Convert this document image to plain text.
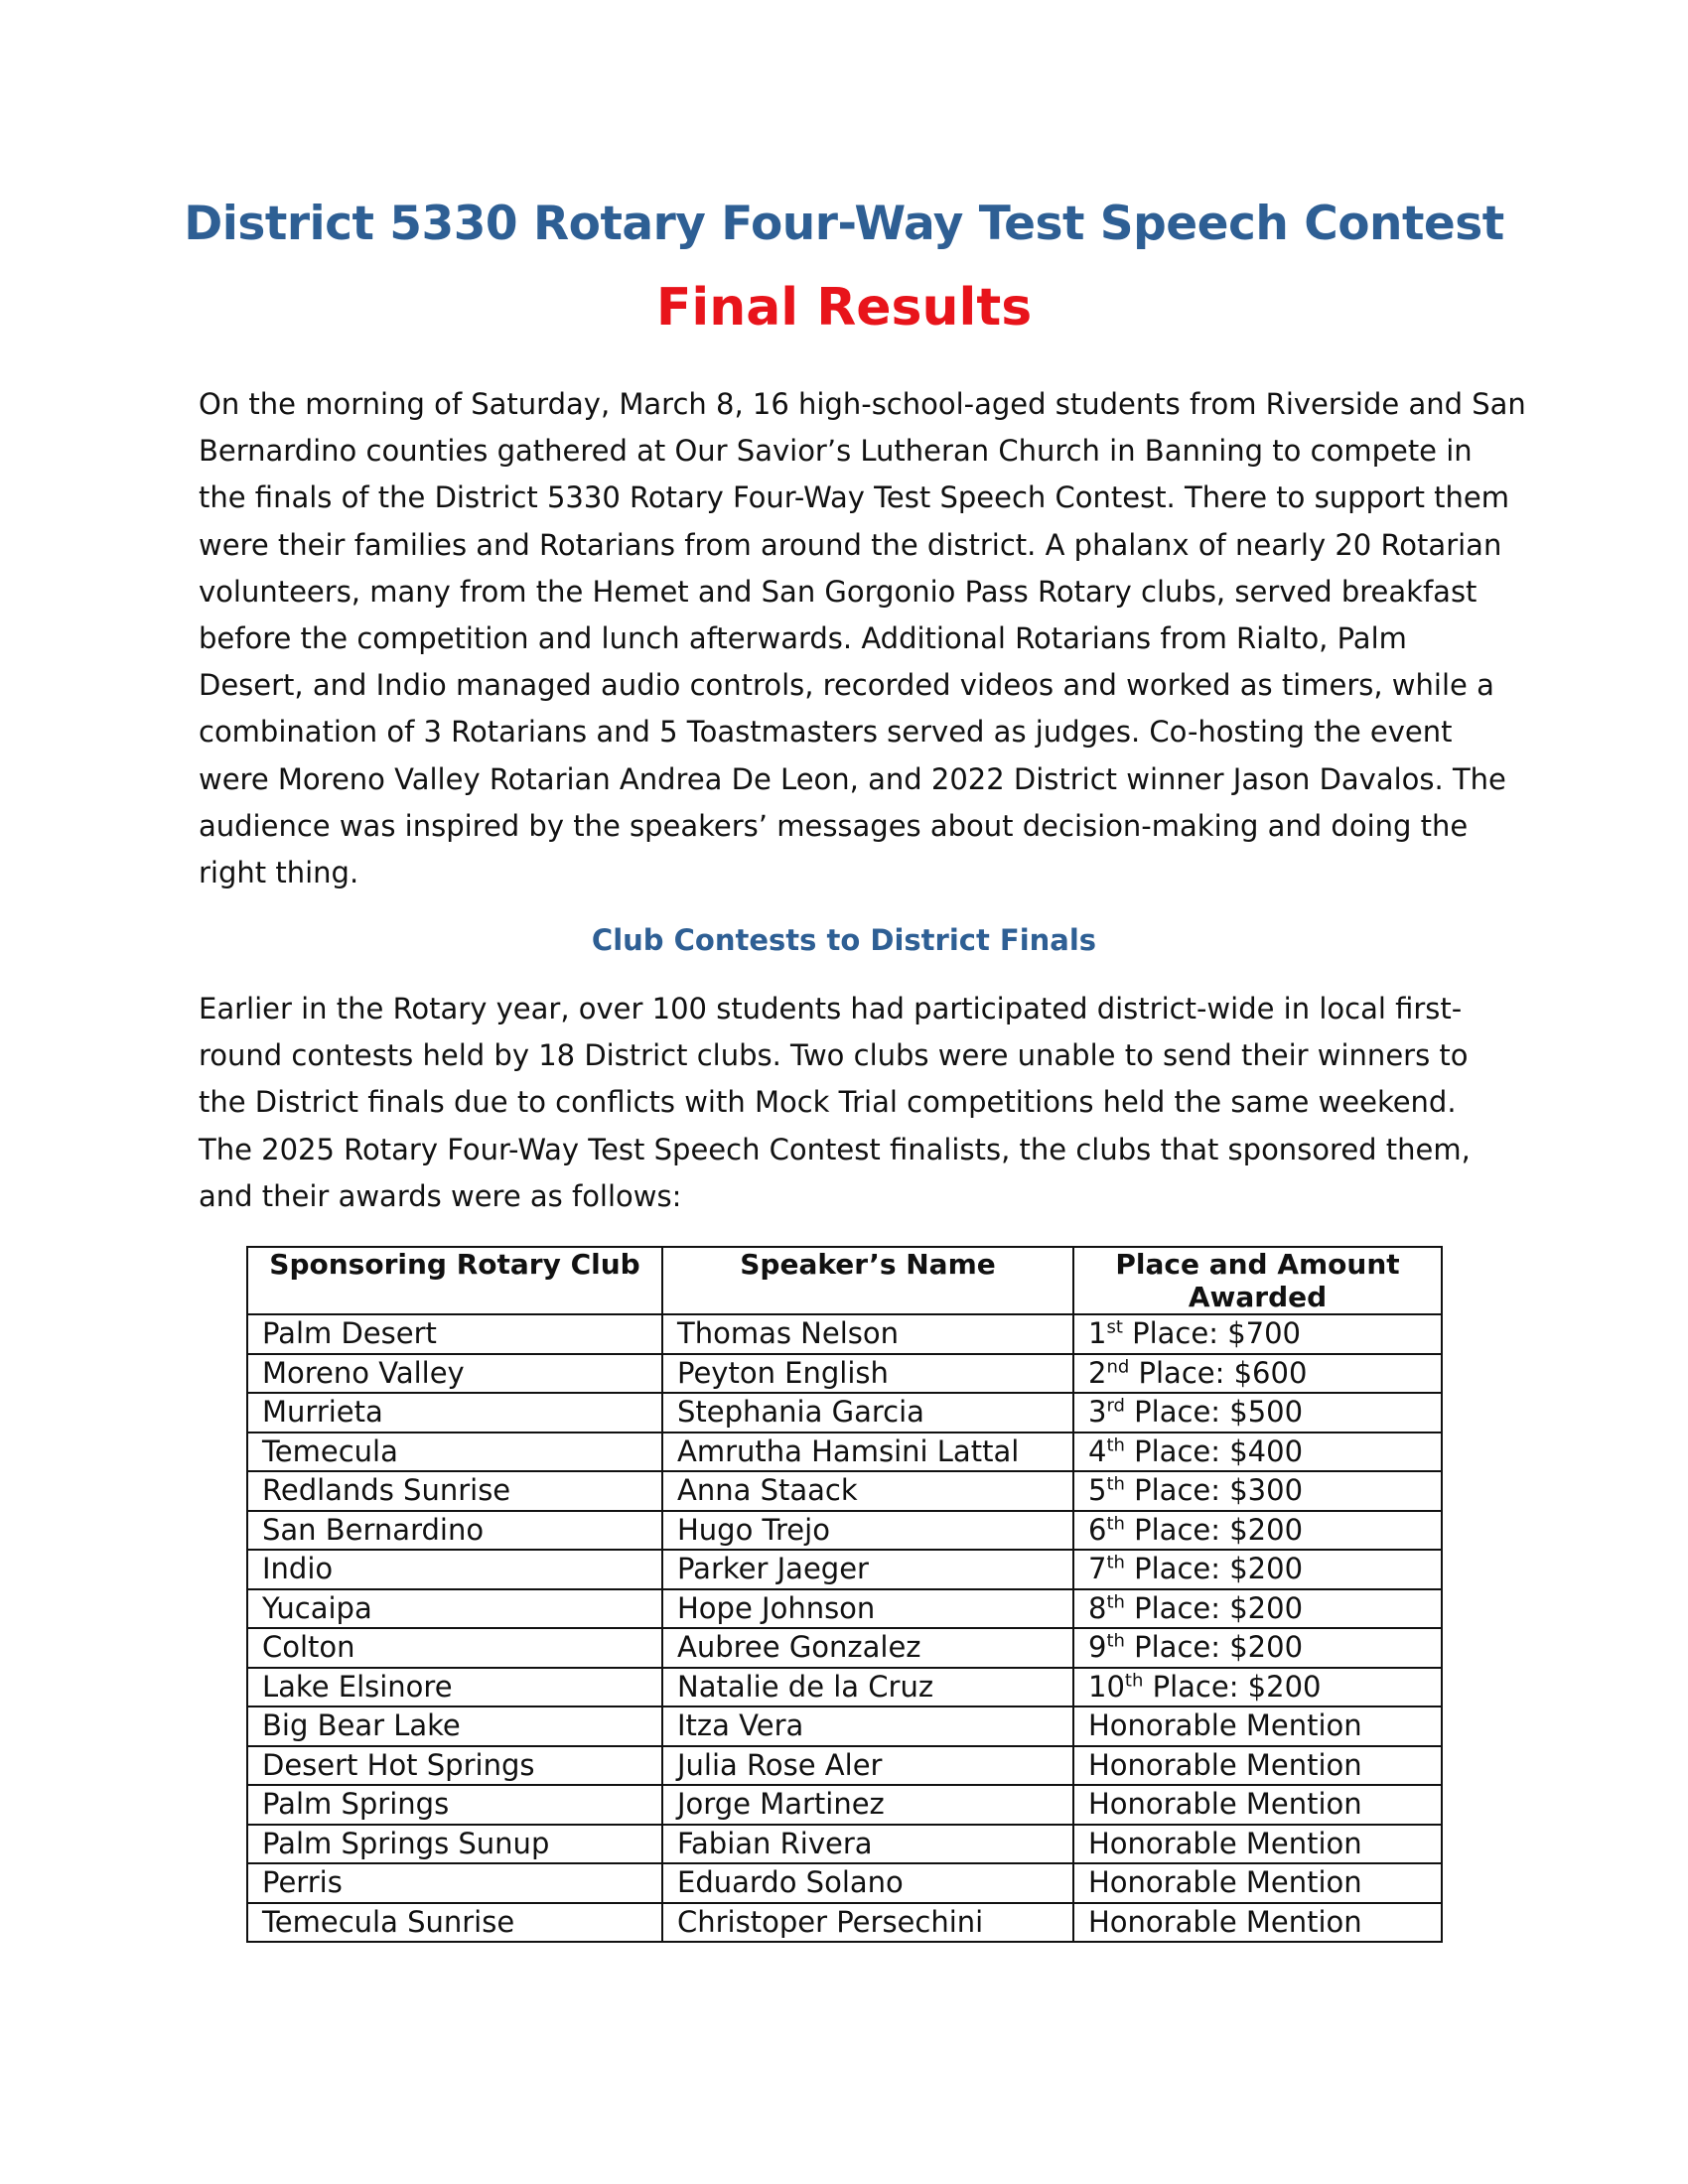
District 5330 Rotary Four-Way Test Speech Contest
Final Results
On the morning of Saturday, March 8, 16 high-school-aged students from Riverside and San
Bernardino counties gathered at Our Savior’s Lutheran Church in Banning to compete in
the finals of the District 5330 Rotary Four-Way Test Speech Contest. There to support them
were their families and Rotarians from around the district. A phalanx of nearly 20 Rotarian
volunteers, many from the Hemet and San Gorgonio Pass Rotary clubs, served breakfast
before the competition and lunch afterwards. Additional Rotarians from Rialto, Palm
Desert, and Indio managed audio controls, recorded videos and worked as timers, while a
combination of 3 Rotarians and 5 Toastmasters served as judges. Co-hosting the event
were Moreno Valley Rotarian Andrea De Leon, and 2022 District winner Jason Davalos. The
audience was inspired by the speakers’ messages about decision-making and doing the
right thing.
Club Contests to District Finals
Earlier in the Rotary year, over 100 students had participated district-wide in local first-
round contests held by 18 District clubs. Two clubs were unable to send their winners to
the District finals due to conflicts with Mock Trial competitions held the same weekend.
The 2025 Rotary Four-Way Test Speech Contest finalists, the clubs that sponsored them,
and their awards were as follows:
Sponsoring Rotary Club	Speaker’s Name	Place and Amount
Awarded
Palm Desert	Thomas Nelson	1st Place: $700
Moreno Valley	Peyton English	2nd Place: $600
Murrieta	Stephania Garcia	3rd Place: $500
Temecula	Amrutha Hamsini Lattal	4th Place: $400
Redlands Sunrise	Anna Staack	5th Place: $300
San Bernardino	Hugo Trejo	6th Place: $200
Indio	Parker Jaeger	7th Place: $200
Yucaipa	Hope Johnson	8th Place: $200
Colton	Aubree Gonzalez	9th Place: $200
Lake Elsinore	Natalie de la Cruz	10th Place: $200
Big Bear Lake	Itza Vera	Honorable Mention
Desert Hot Springs	Julia Rose Aler	Honorable Mention
Palm Springs	Jorge Martinez	Honorable Mention
Palm Springs Sunup	Fabian Rivera	Honorable Mention
Perris	Eduardo Solano	Honorable Mention
Temecula Sunrise	Christoper Persechini	Honorable Mention
